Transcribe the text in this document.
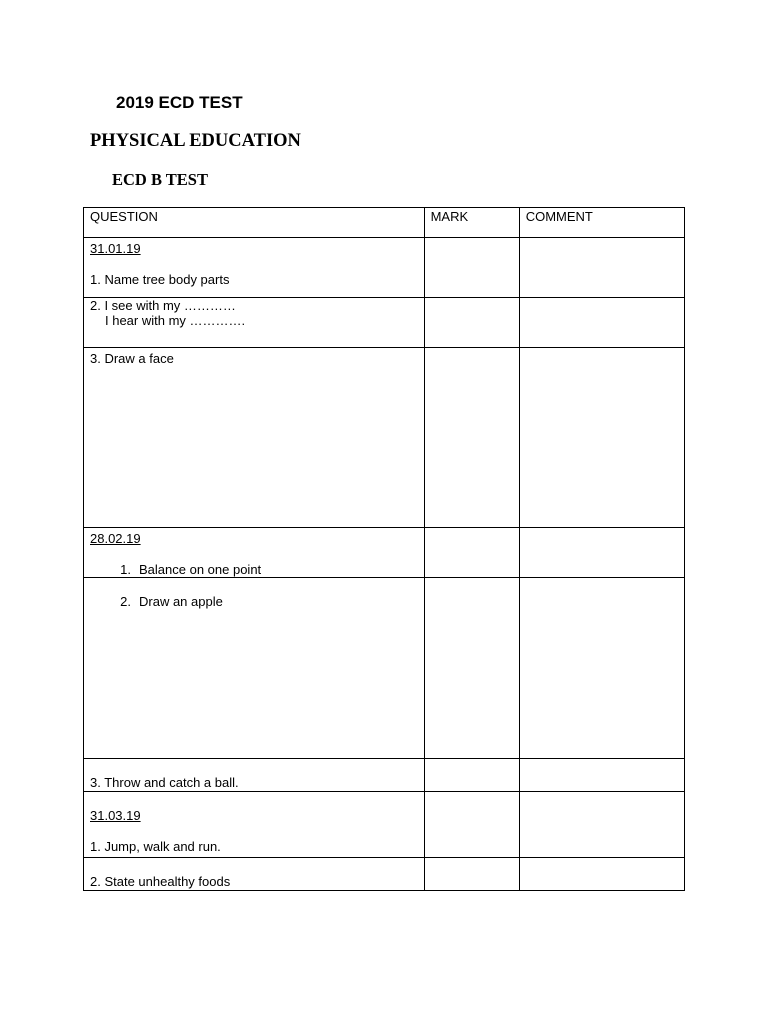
2019 ECD TEST
PHYSICAL EDUCATION
ECD B TEST
QUESTION	MARK	COMMENT

31.01.19
1. Name tree body parts		

2. I see with my …………
I hear with my ………….		

3. Draw a face		

28.02.19
1. Balance on one point		

2. Draw an apple		

3. Throw and catch a ball.		

31.03.19
1. Jump, walk and run.		

2. State unhealthy foods		
